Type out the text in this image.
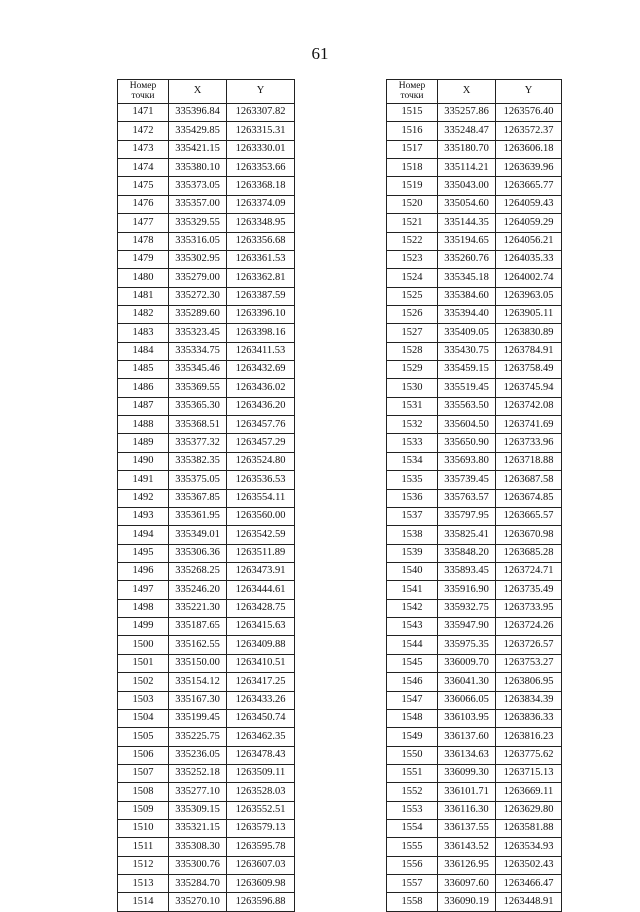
61
Номер точки	X	Y
1471	335396.84	1263307.82
1472	335429.85	1263315.31
1473	335421.15	1263330.01
1474	335380.10	1263353.66
1475	335373.05	1263368.18
1476	335357.00	1263374.09
1477	335329.55	1263348.95
1478	335316.05	1263356.68
1479	335302.95	1263361.53
1480	335279.00	1263362.81
1481	335272.30	1263387.59
1482	335289.60	1263396.10
1483	335323.45	1263398.16
1484	335334.75	1263411.53
1485	335345.46	1263432.69
1486	335369.55	1263436.02
1487	335365.30	1263436.20
1488	335368.51	1263457.76
1489	335377.32	1263457.29
1490	335382.35	1263524.80
1491	335375.05	1263536.53
1492	335367.85	1263554.11
1493	335361.95	1263560.00
1494	335349.01	1263542.59
1495	335306.36	1263511.89
1496	335268.25	1263473.91
1497	335246.20	1263444.61
1498	335221.30	1263428.75
1499	335187.65	1263415.63
1500	335162.55	1263409.88
1501	335150.00	1263410.51
1502	335154.12	1263417.25
1503	335167.30	1263433.26
1504	335199.45	1263450.74
1505	335225.75	1263462.35
1506	335236.05	1263478.43
1507	335252.18	1263509.11
1508	335277.10	1263528.03
1509	335309.15	1263552.51
1510	335321.15	1263579.13
1511	335308.30	1263595.78
1512	335300.76	1263607.03
1513	335284.70	1263609.98
1514	335270.10	1263596.88
Номер точки	X	Y
1515	335257.86	1263576.40
1516	335248.47	1263572.37
1517	335180.70	1263606.18
1518	335114.21	1263639.96
1519	335043.00	1263665.77
1520	335054.60	1264059.43
1521	335144.35	1264059.29
1522	335194.65	1264056.21
1523	335260.76	1264035.33
1524	335345.18	1264002.74
1525	335384.60	1263963.05
1526	335394.40	1263905.11
1527	335409.05	1263830.89
1528	335430.75	1263784.91
1529	335459.15	1263758.49
1530	335519.45	1263745.94
1531	335563.50	1263742.08
1532	335604.50	1263741.69
1533	335650.90	1263733.96
1534	335693.80	1263718.88
1535	335739.45	1263687.58
1536	335763.57	1263674.85
1537	335797.95	1263665.57
1538	335825.41	1263670.98
1539	335848.20	1263685.28
1540	335893.45	1263724.71
1541	335916.90	1263735.49
1542	335932.75	1263733.95
1543	335947.90	1263724.26
1544	335975.35	1263726.57
1545	336009.70	1263753.27
1546	336041.30	1263806.95
1547	336066.05	1263834.39
1548	336103.95	1263836.33
1549	336137.60	1263816.23
1550	336134.63	1263775.62
1551	336099.30	1263715.13
1552	336101.71	1263669.11
1553	336116.30	1263629.80
1554	336137.55	1263581.88
1555	336143.52	1263534.93
1556	336126.95	1263502.43
1557	336097.60	1263466.47
1558	336090.19	1263448.91
